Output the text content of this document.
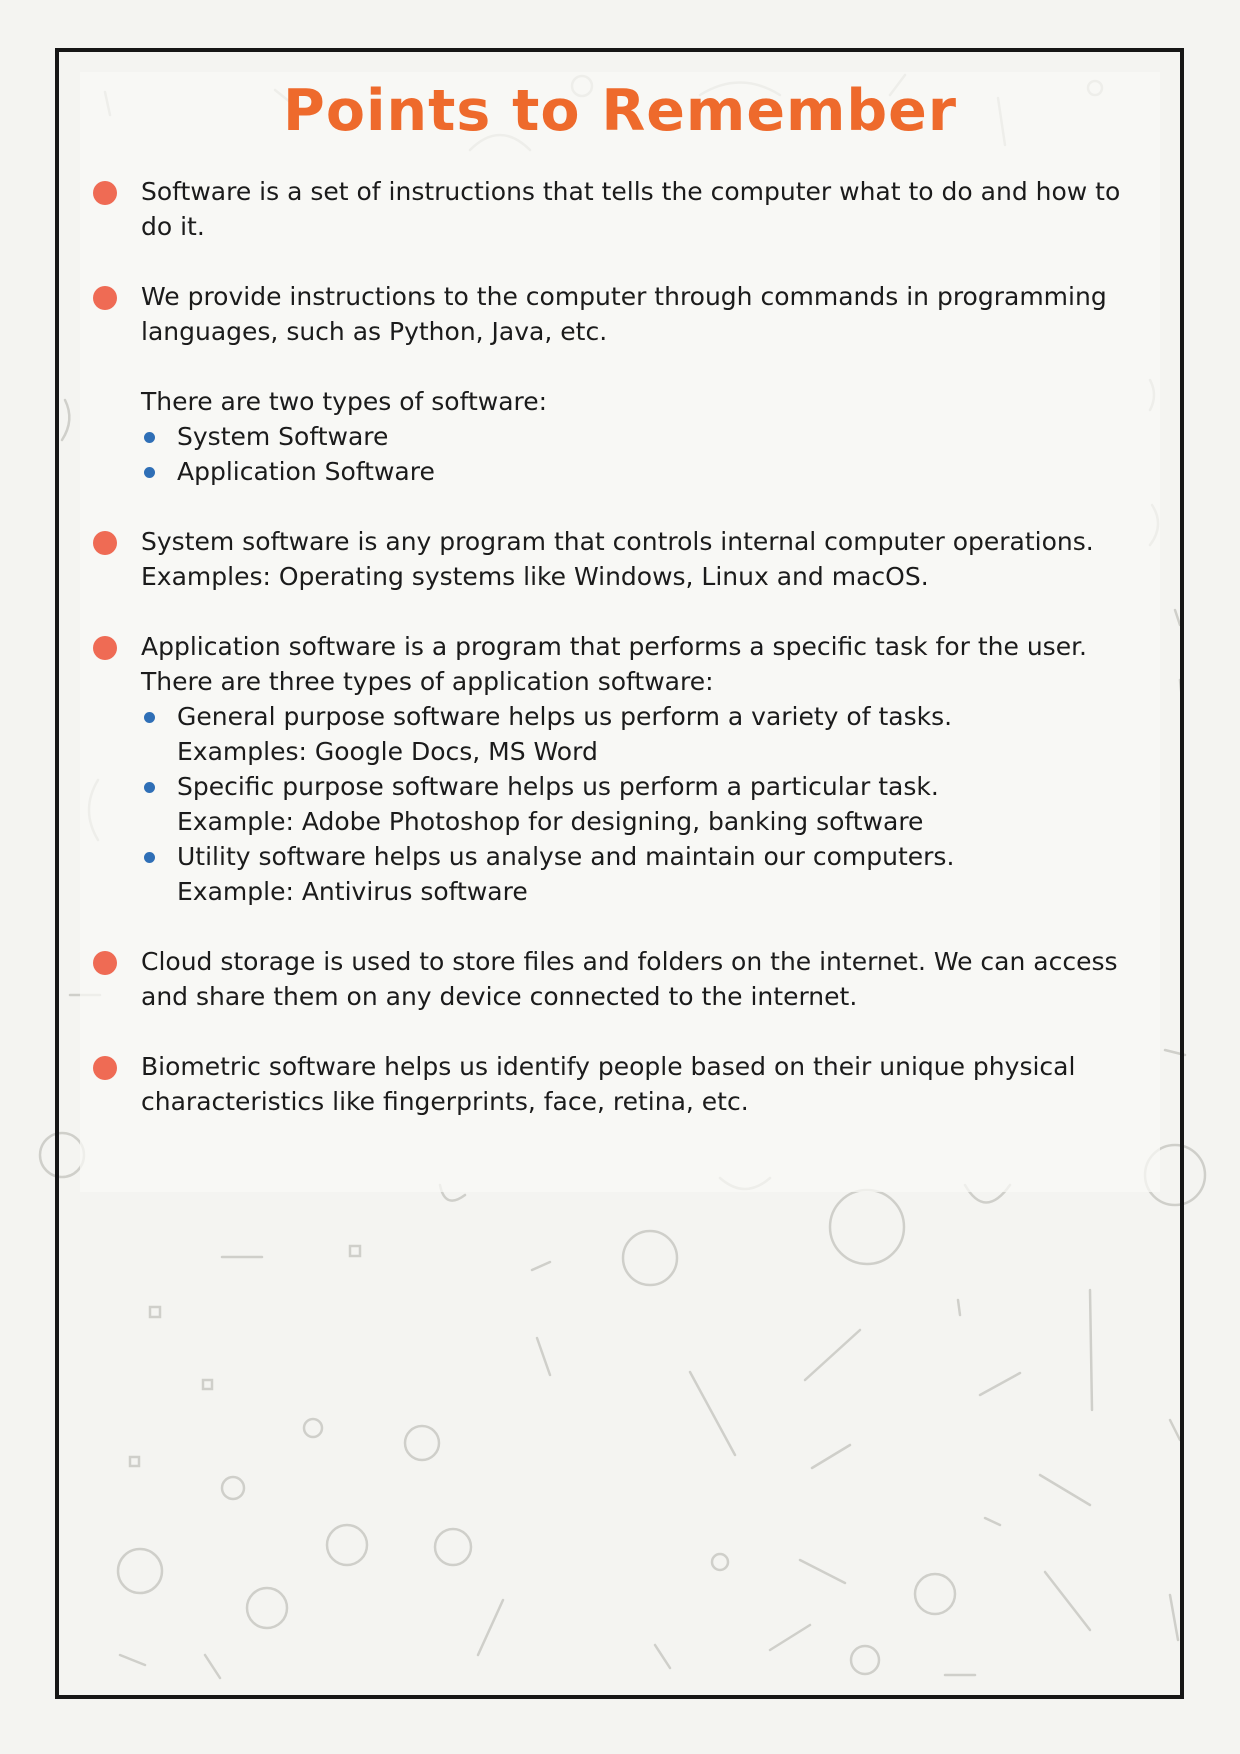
Points to Remember

Software is a set of instructions that tells the computer what to do and how to do it.

We provide instructions to the computer through commands in programming languages, such as Python, Java, etc.

There are two types of software:

System Software
Application Software

System software is any program that controls internal computer operations. Examples: Operating systems like Windows, Linux and macOS.

Application software is a program that performs a specific task for the user. There are three types of application software:

General purpose software helps us perform a variety of tasks.
Examples: Google Docs, MS Word
Specific purpose software helps us perform a particular task.
Example: Adobe Photoshop for designing, banking software
Utility software helps us analyse and maintain our computers.
Example: Antivirus software

Cloud storage is used to store files and folders on the internet. We can access and share them on any device connected to the internet.

Biometric software helps us identify people based on their unique physical characteristics like fingerprints, face, retina, etc.
